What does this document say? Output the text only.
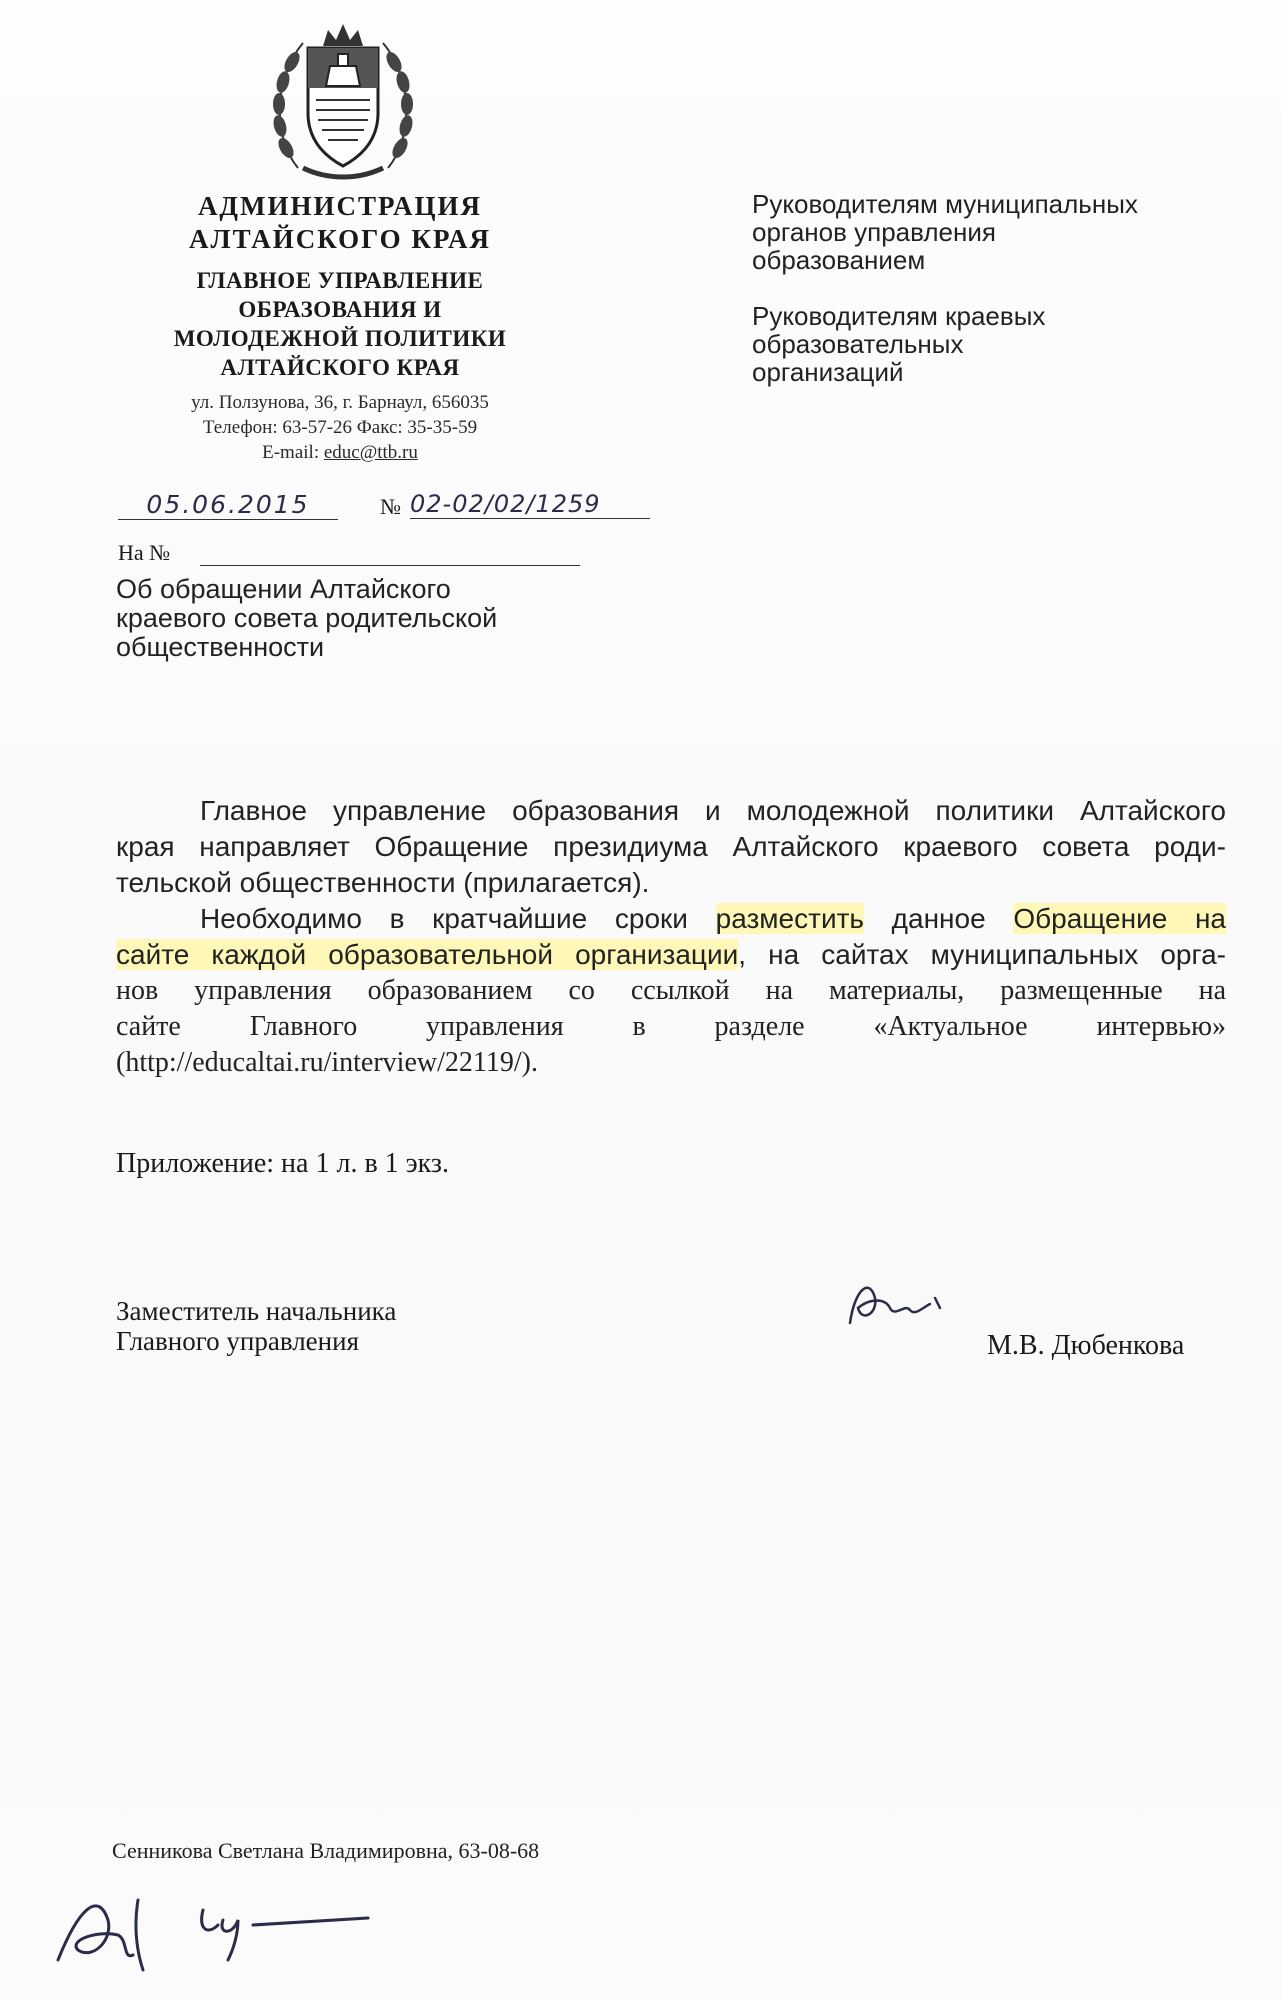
АДМИНИСТРАЦИЯ
АЛТАЙСКОГО КРАЯ
ГЛАВНОЕ УПРАВЛЕНИЕ
ОБРАЗОВАНИЯ И
МОЛОДЕЖНОЙ ПОЛИТИКИ
АЛТАЙСКОГО КРАЯ
ул. Ползунова, 36, г. Барнаул, 656035
Телефон: 63-57-26 Факс: 35-35-59
E-mail: educ@ttb.ru
Руководителям муниципальных
органов управления
образованием
Руководителям краевых
образовательных
организаций
05.06.2015	№ 02-02/02/1259
На №
Об обращении Алтайского
краевого совета родительской
общественности
Главное управление образования и молодежной политики Алтайского
края направляет Обращение президиума Алтайского краевого совета роди-
тельской общественности (прилагается).
Необходимо в кратчайшие сроки разместить данное Обращение на
сайте каждой образовательной организации, на сайтах муниципальных орга-
нов управления образованием со ссылкой на материалы, размещенные на
сайте Главного управления в разделе «Актуальное интервью»
(http://educaltai.ru/interview/22119/).
Приложение: на 1 л. в 1 экз.
Заместитель начальника
Главного управления	М.В. Дюбенкова
Сенникова Светлана Владимировна, 63-08-68
